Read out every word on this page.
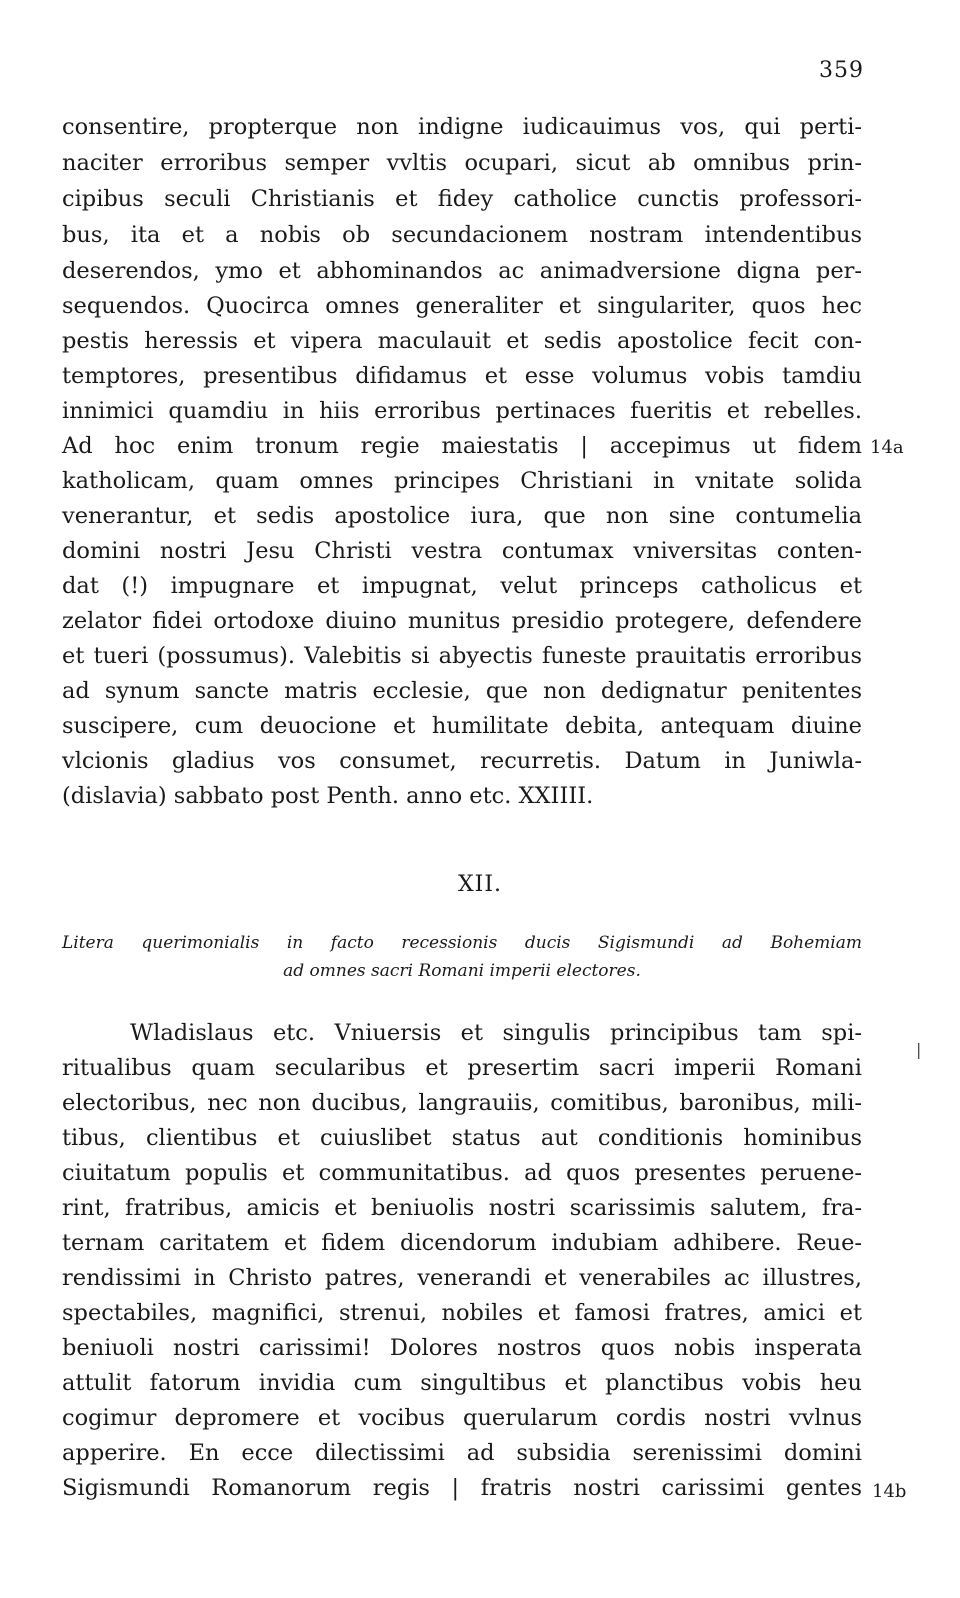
359
consentire, propterque non indigne iudicauimus vos, qui perti-
naciter erroribus semper vvltis ocupari, sicut ab omnibus prin-
cipibus seculi Christianis et fidey catholice cunctis professori-
bus, ita et a nobis ob secundacionem nostram intendentibus
deserendos, ymo et abhominandos ac animadversione digna per-
sequendos. Quocirca omnes generaliter et singulariter, quos hec
pestis heressis et vipera maculauit et sedis apostolice fecit con-
temptores, presentibus difidamus et esse volumus vobis tamdiu
innimici quamdiu in hiis erroribus pertinaces fueritis et rebelles.
Ad hoc enim tronum regie maiestatis | accepimus ut fidem
katholicam, quam omnes principes Christiani in vnitate solida
venerantur, et sedis apostolice iura, que non sine contumelia
domini nostri Jesu Christi vestra contumax vniversitas conten-
dat (!) impugnare et impugnat, velut princeps catholicus et
zelator fidei ortodoxe diuino munitus presidio protegere, defendere
et tueri (possumus). Valebitis si abyectis funeste prauitatis erroribus
ad synum sancte matris ecclesie, que non dedignatur penitentes
suscipere, cum deuocione et humilitate debita, antequam diuine
vlcionis gladius vos consumet, recurretis. Datum in Juniwla-
(dislavia) sabbato post Penth. anno etc. XXIIII.
14a
XII.
Litera querimonialis in facto recessionis ducis Sigismundi ad Bohemiam
ad omnes sacri Romani imperii electores.
Wladislaus etc. Vniuersis et singulis principibus tam spi-
ritualibus quam secularibus et presertim sacri imperii Romani
electoribus, nec non ducibus, langrauiis, comitibus, baronibus, mili-
tibus, clientibus et cuiuslibet status aut conditionis hominibus
ciuitatum populis et communitatibus. ad quos presentes peruene-
rint, fratribus, amicis et beniuolis nostri scarissimis salutem, fra-
ternam caritatem et fidem dicendorum indubiam adhibere. Reue-
rendissimi in Christo patres, venerandi et venerabiles ac illustres,
spectabiles, magnifici, strenui, nobiles et famosi fratres, amici et
beniuoli nostri carissimi! Dolores nostros quos nobis insperata
attulit fatorum invidia cum singultibus et planctibus vobis heu
cogimur depromere et vocibus querularum cordis nostri vvlnus
apperire. En ecce dilectissimi ad subsidia serenissimi domini
Sigismundi Romanorum regis | fratris nostri carissimi gentes 14b
|
